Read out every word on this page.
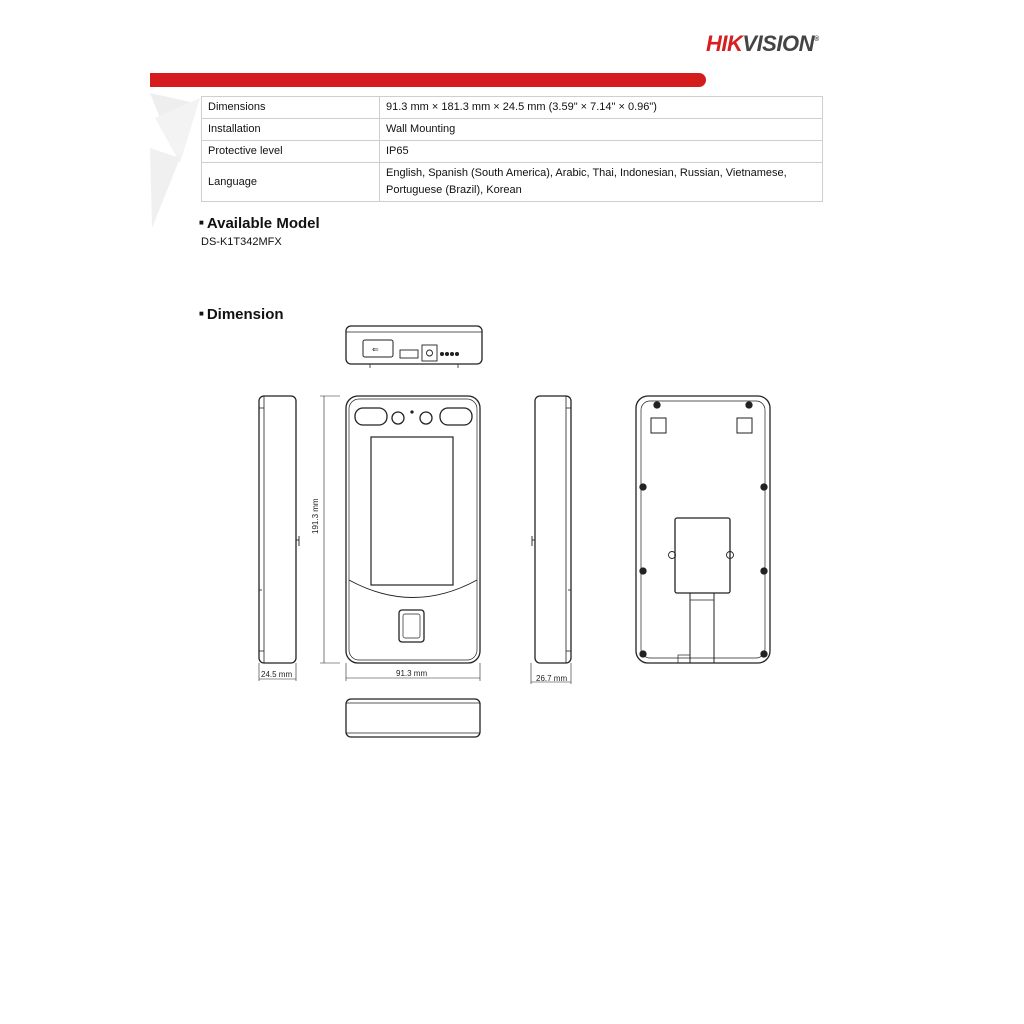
HIKVISION®
Dimensions	91.3 mm × 181.3 mm × 24.5 mm (3.59" × 7.14" × 0.96")
Installation	Wall Mounting
Protective level	IP65
Language	English, Spanish (South America), Arabic, Thai, Indonesian, Russian, Vietnamese, Portuguese (Brazil), Korean
■ Available Model
DS-K1T342MFX
■ Dimension
⇐
24.5 mm	91.3 mm
26.7 mm
191.3 mm
